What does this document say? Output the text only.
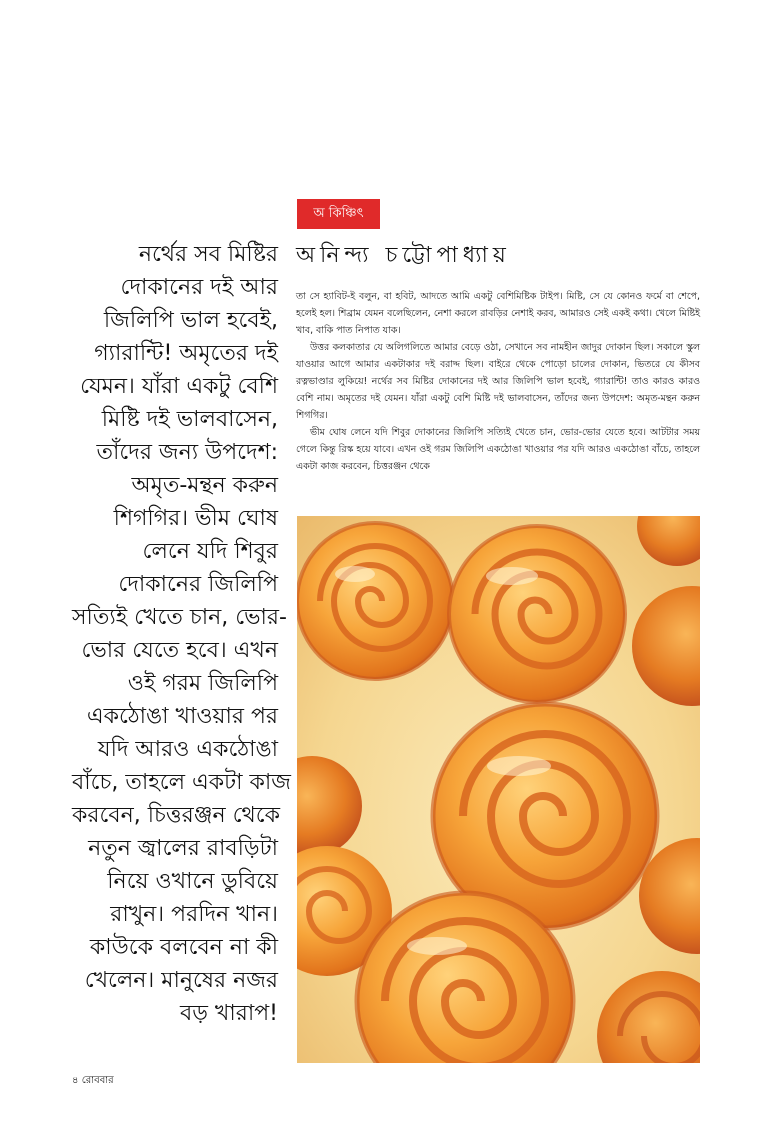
অ কিঞ্চিৎ
অনিন্দ্য চট্টোপাধ্যায়
নর্থের সব মিষ্টির
দোকানের দই আর
জিলিপি ভাল হবেই,
গ্যারান্টি! অমৃতের দই
যেমন। যাঁরা একটু বেশি
মিষ্টি দই ভালবাসেন,
তাঁদের জন্য উপদেশ:
অমৃত-মন্থন করুন
শিগগির। ভীম ঘোষ
লেনে যদি শিবুর
দোকানের জিলিপি
সত্যিই খেতে চান, ভোর-
ভোর যেতে হবে। এখন
ওই গরম জিলিপি
একঠোঙা খাওয়ার পর
যদি আরও একঠোঙা
বাঁচে, তাহলে একটা কাজ
করবেন, চিত্তরঞ্জন থেকে
নতুন জ্বালের রাবড়িটা
নিয়ে ওখানে ডুবিয়ে
রাখুন। পরদিন খান।
কাউকে বলবেন না কী
খেলেন। মানুষের নজর
বড় খারাপ!

তা সে হ্যাবিট-ই বলুন, বা হবিট, আদতে আমি একটু বেশিমিষ্টিক টাইপ। মিষ্টি, সে যে কোনও ফর্মে বা শেপে, হলেই হল। শিব্রাম যেমন বলেছিলেন, নেশা করলে রাবড়ির নেশাই করব, আমারও সেই একই কথা। খেলে মিষ্টিই খাব, বাকি পাত নিপাত যাক।

উত্তর কলকাতার যে অলিগলিতে আমার বেড়ে ওঠা, সেখানে সব নামহীন জাদুর দোকান ছিল। সকালে স্কুল যাওয়ার আগে আমার একটাকার দই বরাদ্দ ছিল। বাইরে থেকে পোড়ো চালের দোকান, ভিতরে যে কীসব রত্নভাণ্ডার লুকিয়ে! নর্থের সব মিষ্টির দোকানের দই আর জিলিপি ভাল হবেই, গ্যারান্টি! তাও কারও কারও বেশি নাম। অমৃতের দই যেমন। যাঁরা একটু বেশি মিষ্টি দই ভালবাসেন, তাঁদের জন্য উপদেশ: অমৃত-মন্থন করুন শিগগির।

ভীম ঘোষ লেনে যদি শিবুর দোকানের জিলিপি সত্যিই খেতে চান, ভোর-ভোর যেতে হবে। আটটার সময় গেলে কিন্তু রিস্ক হয়ে যাবে। এখন ওই গরম জিলিপি একঠোঙা খাওয়ার পর যদি আরও একঠোঙা বাঁচে, তাহলে একটা কাজ করবেন, চিত্তরঞ্জন থেকে

৪ রোববার
